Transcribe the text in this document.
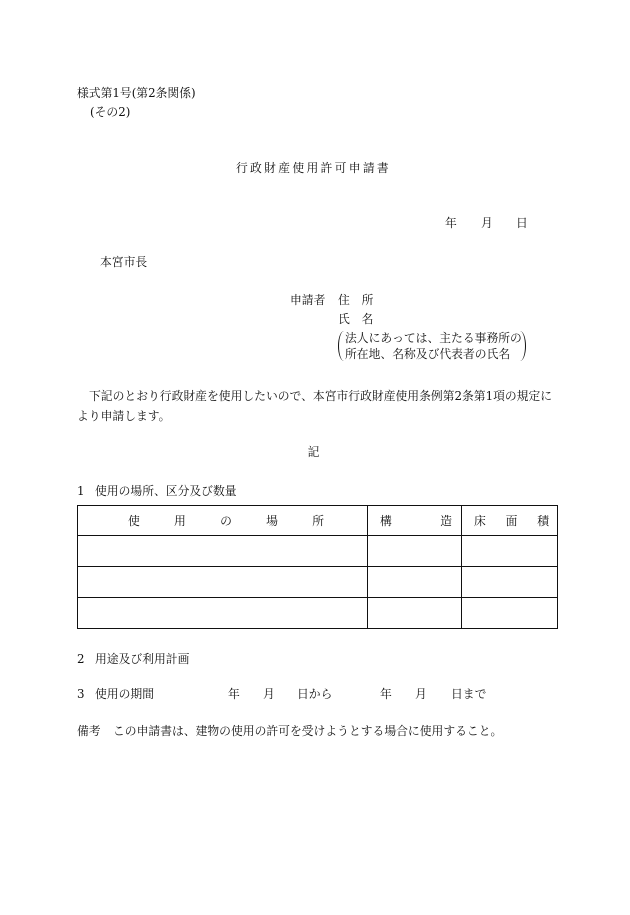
様式第1号(第2条関係)
(その2)
行政財産使用許可申請書
年 月 日
本宮市長
申請者 住　所
氏　名
法人にあっては、主たる事務所の
所在地、名称及び代表者の氏名
下記のとおり行政財産を使用したいので、本宮市行政財産使用条例第2条第1項の規定に
より申請します。
記
1 使用の場所、区分及び数量
使用の場所	構造	床面積

2 用途及び利用計画
3 使用の期間	年 月 日から	年 月 日まで
備考 この申請書は、建物の使用の許可を受けようとする場合に使用すること。
